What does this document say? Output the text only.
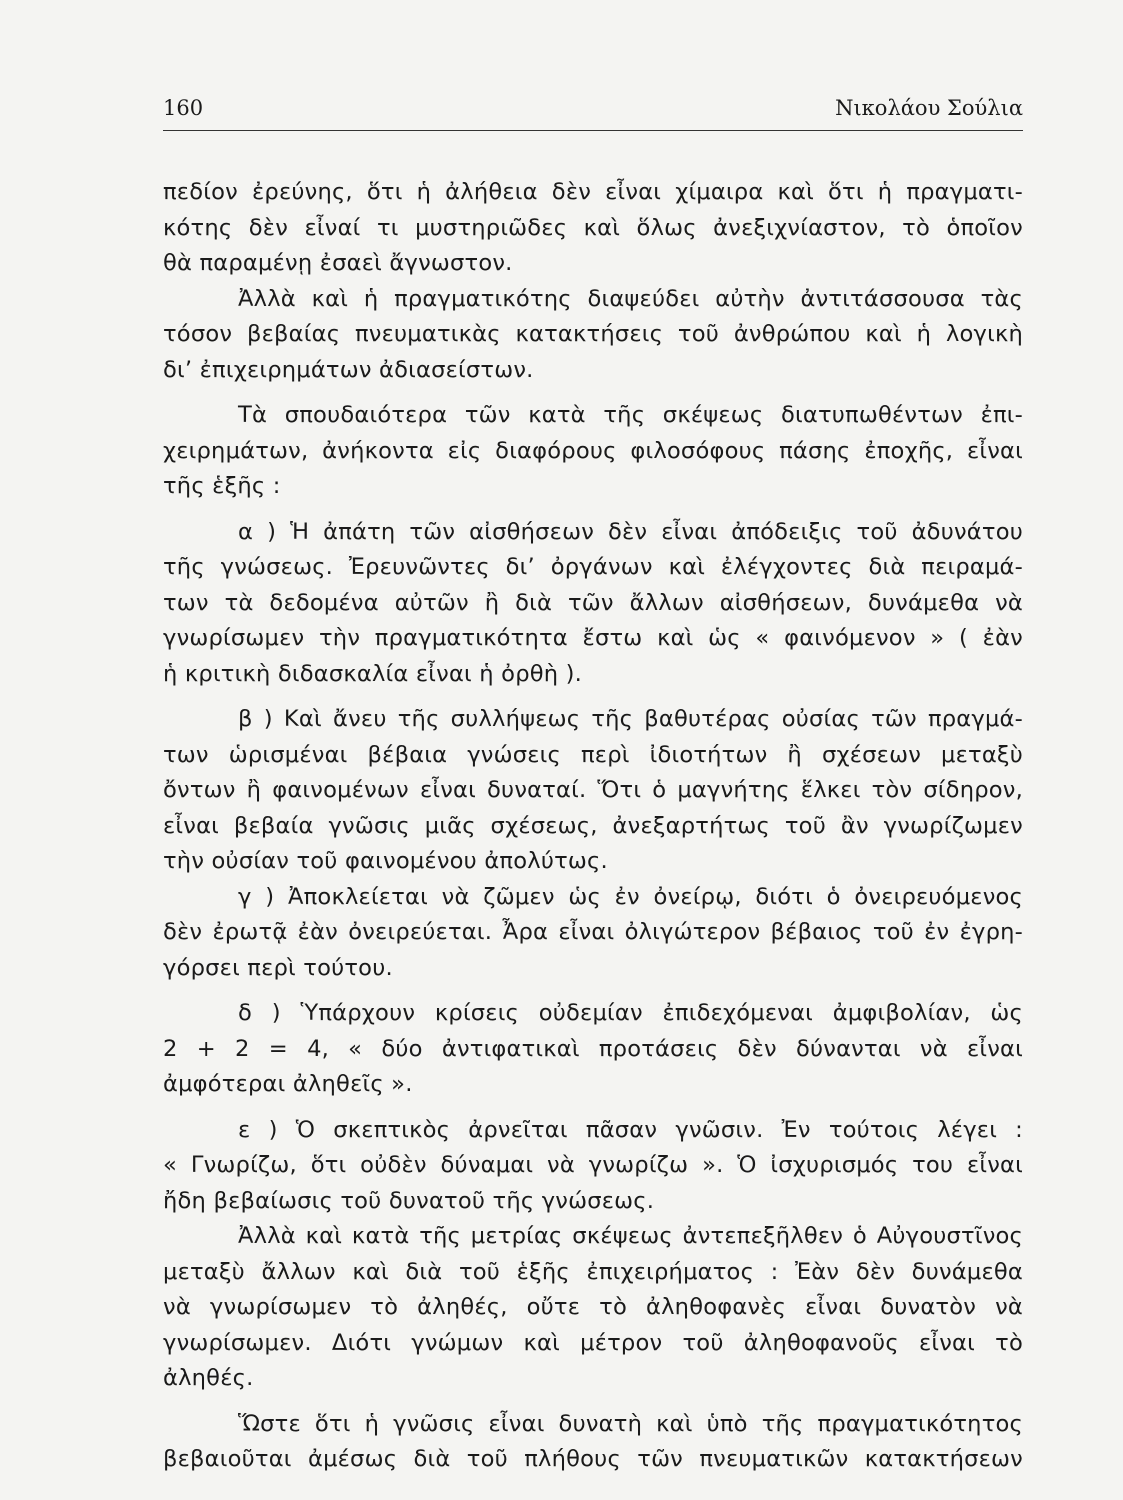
160	Νικολάου Σούλια
πεδίον ἐρεύνης, ὅτι ἡ ἀλήθεια δὲν εἶναι χίμαιρα καὶ ὅτι ἡ πραγματι-
κότης δὲν εἶναί τι μυστηριῶδες καὶ ὅλως ἀνεξιχνίαστον, τὸ ὁποῖον
θὰ παραμένῃ ἐσαεὶ ἄγνωστον.
Ἀλλὰ καὶ ἡ πραγματικότης διαψεύδει αὐτὴν ἀντιτάσσουσα τὰς
τόσον βεβαίας πνευματικὰς κατακτήσεις τοῦ ἀνθρώπου καὶ ἡ λογικὴ
δι’ ἐπιχειρημάτων ἀδιασείστων.
Τὰ σπουδαιότερα τῶν κατὰ τῆς σκέψεως διατυπωθέντων ἐπι-
χειρημάτων, ἀνήκοντα εἰς διαφόρους φιλοσόφους πάσης ἐποχῆς, εἶναι
τῆς ἑξῆς :
α ) Ἡ ἀπάτη τῶν αἰσθήσεων δὲν εἶναι ἀπόδειξις τοῦ ἀδυνάτου
τῆς γνώσεως. Ἐρευνῶντες δι’ ὀργάνων καὶ ἐλέγχοντες διὰ πειραμά-
των τὰ δεδομένα αὐτῶν ἢ διὰ τῶν ἄλλων αἰσθήσεων, δυνάμεθα νὰ
γνωρίσωμεν τὴν πραγματικότητα ἔστω καὶ ὡς « φαινόμενον » ( ἐὰν
ἡ κριτικὴ διδασκαλία εἶναι ἡ ὀρθὴ ).
β ) Καὶ ἄνευ τῆς συλλήψεως τῆς βαθυτέρας οὐσίας τῶν πραγμά-
των ὡρισμέναι βέβαια γνώσεις περὶ ἰδιοτήτων ἢ σχέσεων μεταξὺ
ὄντων ἢ φαινομένων εἶναι δυναταί. Ὅτι ὁ μαγνήτης ἕλκει τὸν σίδηρον,
εἶναι βεβαία γνῶσις μιᾶς σχέσεως, ἀνεξαρτήτως τοῦ ἂν γνωρίζωμεν
τὴν οὐσίαν τοῦ φαινομένου ἀπολύτως.
γ ) Ἀποκλείεται νὰ ζῶμεν ὡς ἐν ὀνείρῳ, διότι ὁ ὀνειρευόμενος
δὲν ἐρωτᾷ ἐὰν ὀνειρεύεται. Ἆρα εἶναι ὀλιγώτερον βέβαιος τοῦ ἐν ἐγρη-
γόρσει περὶ τούτου.
δ ) Ὑπάρχουν κρίσεις οὐδεμίαν ἐπιδεχόμεναι ἀμφιβολίαν, ὡς
2 + 2 = 4, « δύο ἀντιφατικαὶ προτάσεις δὲν δύνανται νὰ εἶναι
ἀμφότεραι ἀληθεῖς ».
ε ) Ὁ σκεπτικὸς ἀρνεῖται πᾶσαν γνῶσιν. Ἐν τούτοις λέγει :
« Γνωρίζω, ὅτι οὐδὲν δύναμαι νὰ γνωρίζω ». Ὁ ἰσχυρισμός του εἶναι
ἤδη βεβαίωσις τοῦ δυνατοῦ τῆς γνώσεως.
Ἀλλὰ καὶ κατὰ τῆς μετρίας σκέψεως ἀντεπεξῆλθεν ὁ Αὐγουστῖνος
μεταξὺ ἄλλων καὶ διὰ τοῦ ἑξῆς ἐπιχειρήματος : Ἐὰν δὲν δυνάμεθα
νὰ γνωρίσωμεν τὸ ἀληθές, οὔτε τὸ ἀληθοφανὲς εἶναι δυνατὸν νὰ
γνωρίσωμεν. Διότι γνώμων καὶ μέτρον τοῦ ἀληθοφανοῦς εἶναι τὸ
ἀληθές.
Ὥστε ὅτι ἡ γνῶσις εἶναι δυνατὴ καὶ ὑπὸ τῆς πραγματικότητος
βεβαιοῦται ἀμέσως διὰ τοῦ πλήθους τῶν πνευματικῶν κατακτήσεων
